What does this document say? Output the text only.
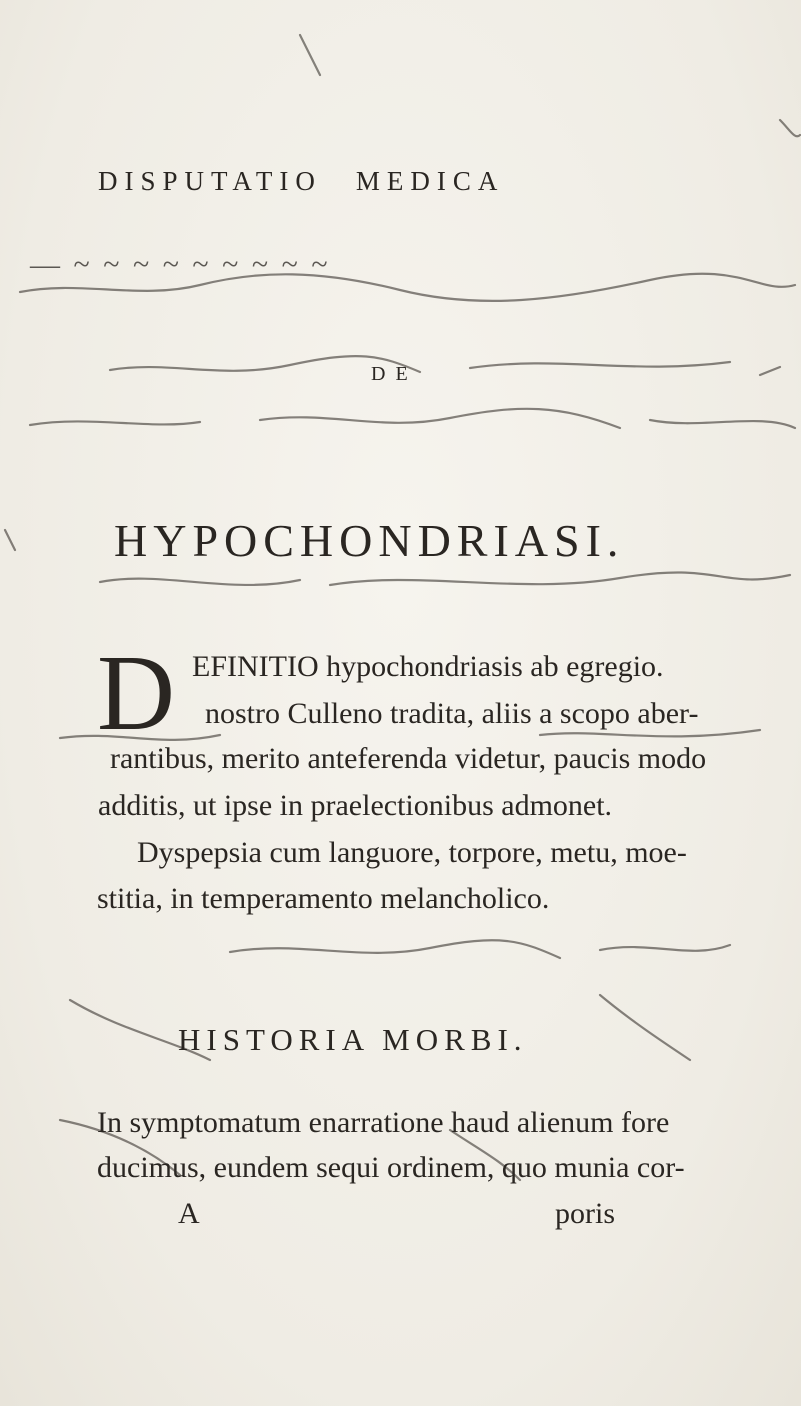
DISPUTATIO MEDICA
— ~ ~ ~ ~ ~ ~ ~ ~ ~
DE
HYPOCHONDRIASI.
D EFINITIO hypochondriasis ab egregio.
nostro Culleno tradita, aliis a scopo aber-
rantibus, merito anteferenda videtur, paucis modo
additis, ut ipse in praelectionibus admonet.
Dyspepsia cum languore, torpore, metu, moe-
stitia, in temperamento melancholico.
HISTORIA MORBI.
In symptomatum enarratione haud alienum fore
ducimus, eundem sequi ordinem, quo munia cor-
A	poris
